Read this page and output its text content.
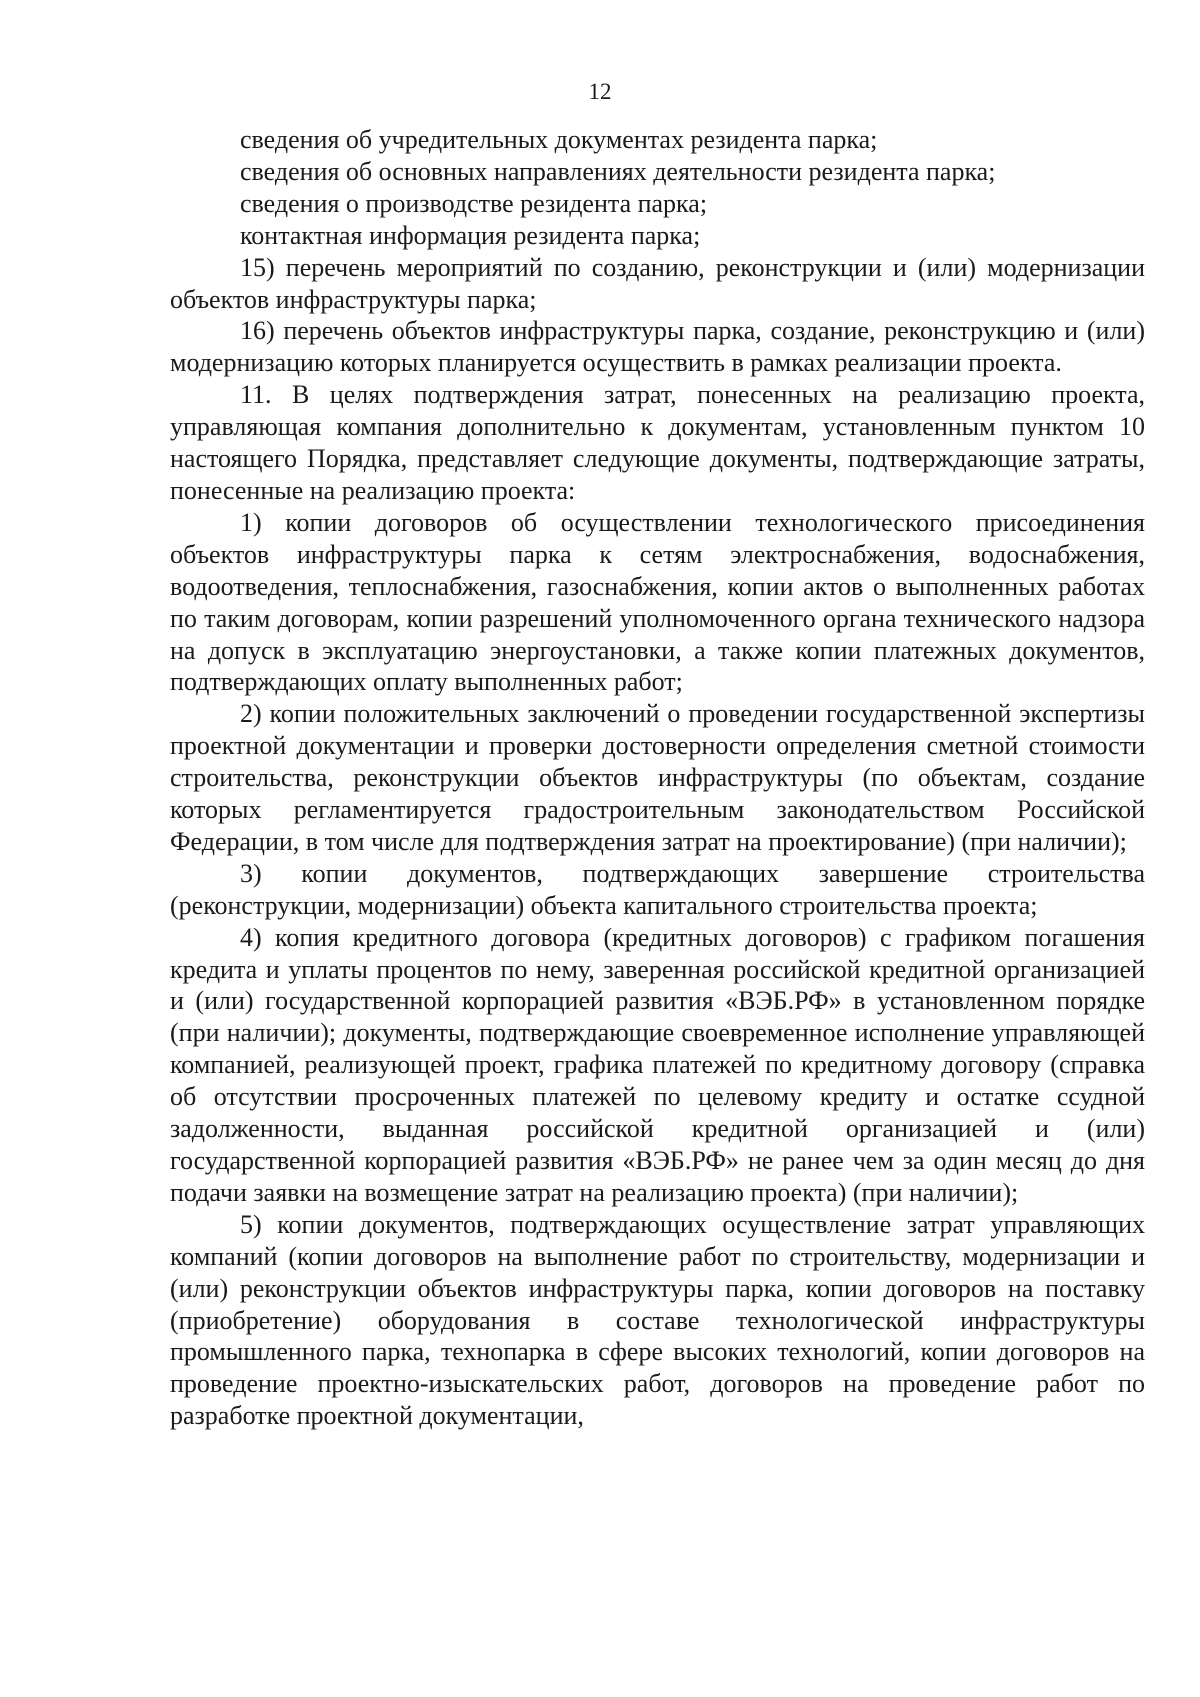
12

сведения об учредительных документах резидента парка;

сведения об основных направлениях деятельности резидента парка;

сведения о производстве резидента парка;

контактная информация резидента парка;

15) перечень мероприятий по созданию, реконструкции и (или) модернизации объектов инфраструктуры парка;

16) перечень объектов инфраструктуры парка, создание, реконструкцию и (или) модернизацию которых планируется осуществить в рамках реализации проекта.

11. В целях подтверждения затрат, понесенных на реализацию проекта, управляющая компания дополнительно к документам, установленным пунктом 10 настоящего Порядка, представляет следующие документы, подтверждающие затраты, понесенные на реализацию проекта:

1) копии договоров об осуществлении технологического присоединения объектов инфраструктуры парка к сетям электроснабжения, водоснабжения, водоотведения, теплоснабжения, газоснабжения, копии актов о выполненных работах по таким договорам, копии разрешений уполномоченного органа технического надзора на допуск в эксплуатацию энергоустановки, а также копии платежных документов, подтверждающих оплату выполненных работ;

2) копии положительных заключений о проведении государственной экспертизы проектной документации и проверки достоверности определения сметной стоимости строительства, реконструкции объектов инфраструктуры (по объектам, создание которых регламентируется градостроительным законодательством Российской Федерации, в том числе для подтверждения затрат на проектирование) (при наличии);

3) копии документов, подтверждающих завершение строительства (реконструкции, модернизации) объекта капитального строительства проекта;

4) копия кредитного договора (кредитных договоров) с графиком погашения кредита и уплаты процентов по нему, заверенная российской кредитной организацией и (или) государственной корпорацией развития «ВЭБ.РФ» в установленном порядке (при наличии); документы, подтверждающие своевременное исполнение управляющей компанией, реализующей проект, графика платежей по кредитному договору (справка об отсутствии просроченных платежей по целевому кредиту и остатке ссудной задолженности, выданная российской кредитной организацией и (или) государственной корпорацией развития «ВЭБ.РФ» не ранее чем за один месяц до дня подачи заявки на возмещение затрат на реализацию проекта) (при наличии);

5) копии документов, подтверждающих осуществление затрат управляющих компаний (копии договоров на выполнение работ по строительству, модернизации и (или) реконструкции объектов инфраструктуры парка, копии договоров на поставку (приобретение) оборудования в составе технологической инфраструктуры промышленного парка, технопарка в сфере высоких технологий, копии договоров на проведение проектно-изыскательских работ, договоров на проведение работ по разработке проектной документации,
